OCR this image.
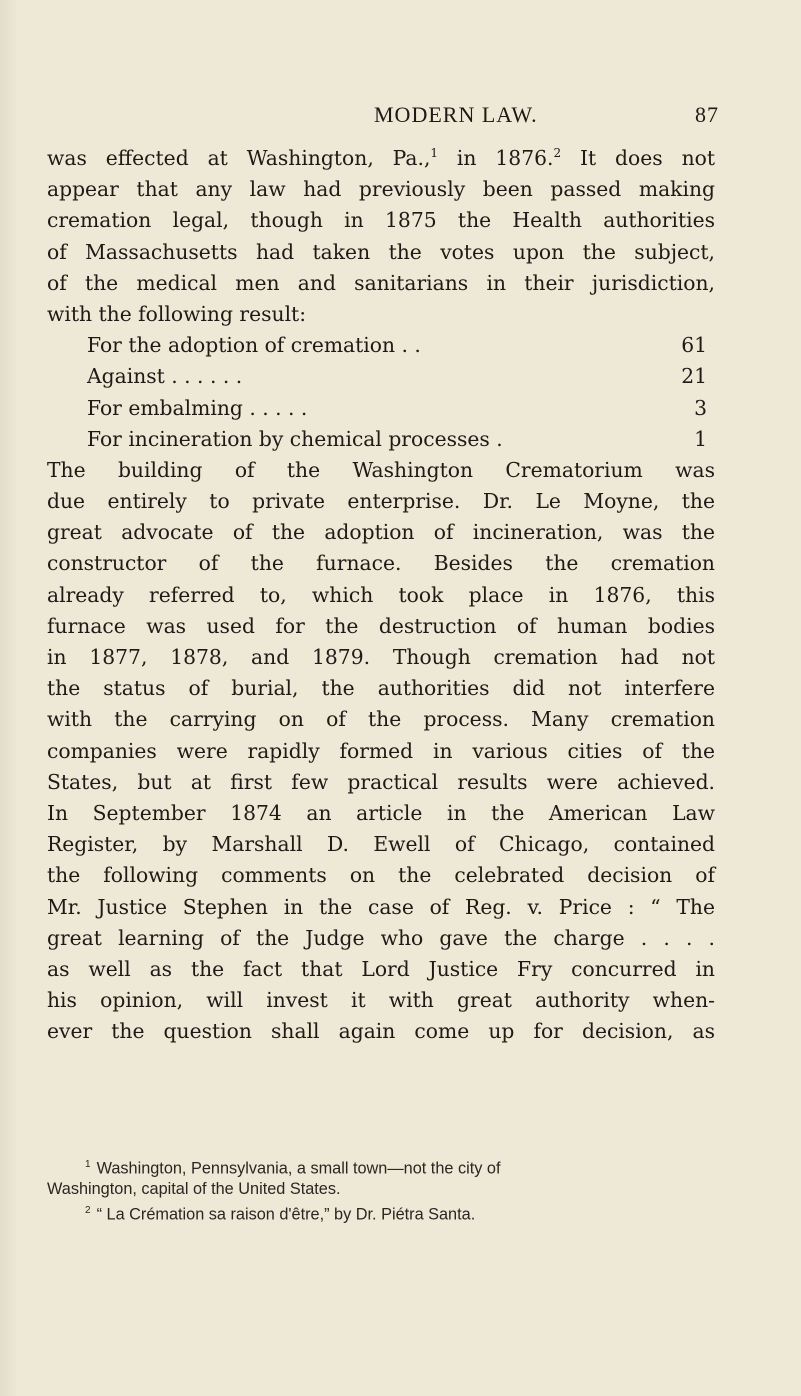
MODERN LAW.	87
was effected at Washington, Pa.,$^1$ in 1876.$^2$ It does not
appear that any law had previously been passed making
cremation legal, though in 1875 the Health authorities
of Massachusetts had taken the votes upon the subject,
of the medical men and sanitarians in their jurisdiction,
with the following result:
For the adoption of cremation . .	61
Against . . . . . .	21
For embalming . . . . .	3
For incineration by chemical processes .	1
The building of the Washington Crematorium was
due entirely to private enterprise. Dr. Le Moyne, the
great advocate of the adoption of incineration, was the
constructor of the furnace. Besides the cremation
already referred to, which took place in 1876, this
furnace was used for the destruction of human bodies
in 1877, 1878, and 1879. Though cremation had not
the status of burial, the authorities did not interfere
with the carrying on of the process. Many cremation
companies were rapidly formed in various cities of the
States, but at first few practical results were achieved.
In September 1874 an article in the American Law
Register, by Marshall D. Ewell of Chicago, contained
the following comments on the celebrated decision of
Mr. Justice Stephen in the case of Reg. v. Price : “ The
great learning of the Judge who gave the charge . . . .
as well as the fact that Lord Justice Fry concurred in
his opinion, will invest it with great authority when-
ever the question shall again come up for decision, as
$^1$ Washington, Pennsylvania, a small town—not the city of
Washington, capital of the United States.
$^2$ “ La Crémation sa raison d'être,” by Dr. Piétra Santa.
